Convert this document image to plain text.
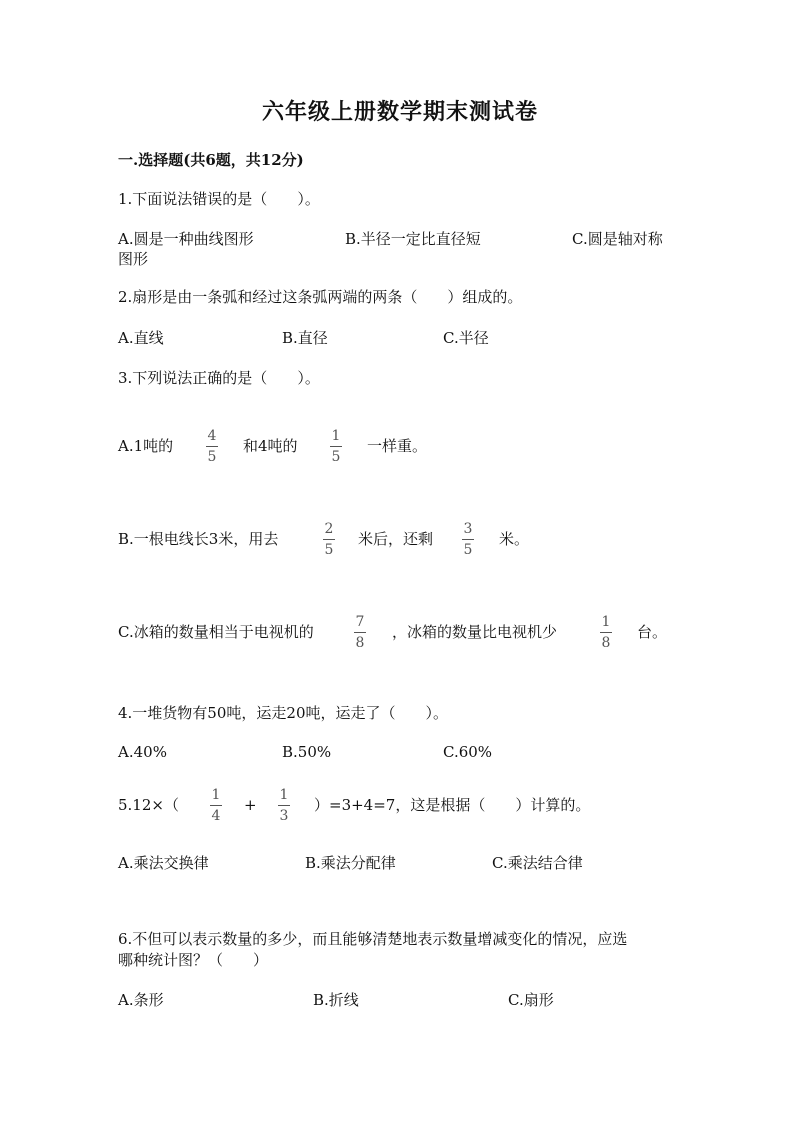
六年级上册数学期末测试卷
一.选择题(共6题，共12分)
1.下面说法错误的是（　　）。
A.圆是一种曲线图形	B.半径一定比直径短	C.圆是轴对称
图形
2.扇形是由一条弧和经过这条弧两端的两条（　　）组成的。
A.直线	B.直径	C.半径
3.下列说法正确的是（　　）。
A.1吨的
4
5
和4吨的
1
5
一样重。
B.一根电线长3米，用去
2
5
米后，还剩
3
5
米。
C.冰箱的数量相当于电视机的
7
8
，冰箱的数量比电视机少
1
8
台。
4.一堆货物有50吨，运走20吨，运走了（　　）。
A.40%	B.50%	C.60%
5.12×（
1
4
+
1
3
）=3+4=7，这是根据（　　）计算的。
A.乘法交换律	B.乘法分配律	C.乘法结合律
6.不但可以表示数量的多少，而且能够清楚地表示数量增减变化的情况，应选
哪种统计图？（　　）
A.条形	B.折线	C.扇形
